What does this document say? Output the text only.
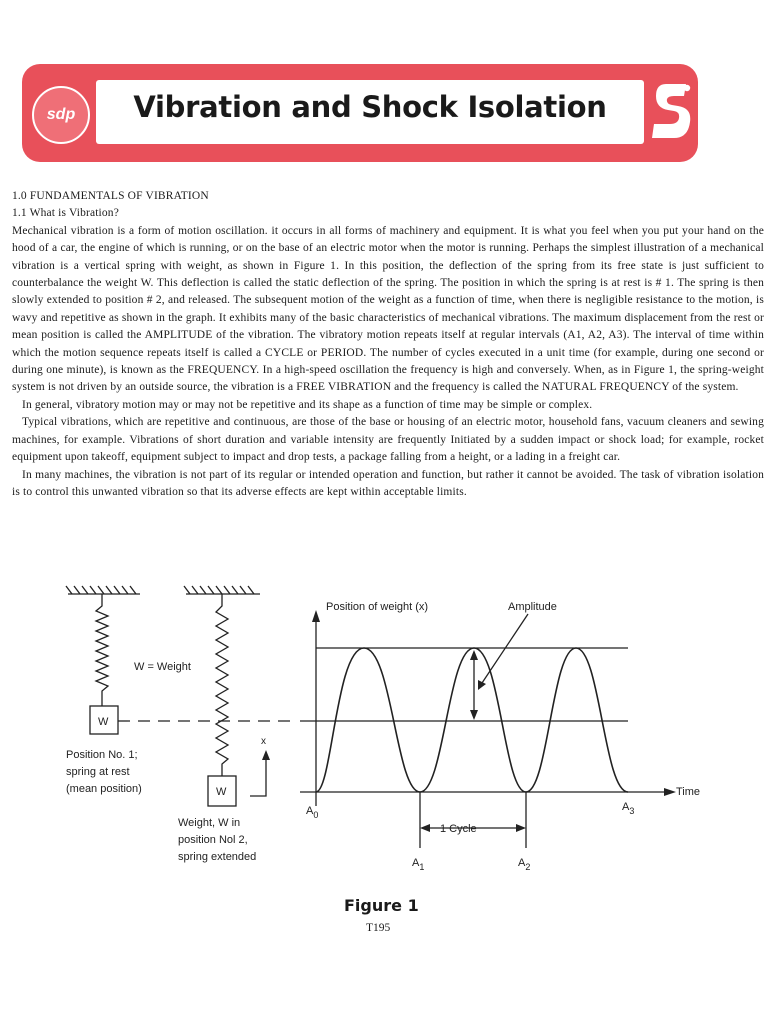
sdp	Vibration and Shock Isolation

1.0 FUNDAMENTALS OF VIBRATION

1.1 What is Vibration?

Mechanical vibration is a form of motion oscillation. it occurs in all forms of machinery and equipment. It is what you feel when you put your hand on the hood of a car, the engine of which is running, or on the base of an electric motor when the motor is running. Perhaps the simplest illustration of a mechanical vibration is a vertical spring with weight, as shown in Figure 1. In this position, the deflection of the spring from its free state is just sufficient to counterbalance the weight W. This deflection is called the static deflection of the spring. The position in which the spring is at rest is # 1. The spring is then slowly extended to position # 2, and released. The subsequent motion of the weight as a function of time, when there is negligible resistance to the motion, is wavy and repetitive as shown in the graph. It exhibits many of the basic characteristics of mechanical vibrations. The maximum displacement from the rest or mean position is called the AMPLITUDE of the vibration. The vibratory motion repeats itself at regular intervals (A1, A2, A3). The interval of time within which the motion sequence repeats itself is called a CYCLE or PERIOD. The number of cycles executed in a unit time (for example, during one second or during one minute), is known as the FREQUENCY. In a high-speed oscillation the frequency is high and conversely. When, as in Figure 1, the spring-weight system is not driven by an outside source, the vibration is a FREE VIBRATION and the frequency is called the NATURAL FREQUENCY of the system.

In general, vibratory motion may or may not be repetitive and its shape as a function of time may be simple or complex.

Typical vibrations, which are repetitive and continuous, are those of the base or housing of an electric motor, household fans, vacuum cleaners and sewing machines, for example. Vibrations of short duration and variable intensity are frequently Initiated by a sudden impact or shock load; for example, rocket equipment upon takeoff, equipment subject to impact and drop tests, a package falling from a height, or a lading in a freight car.

In many machines, the vibration is not part of its regular or intended operation and function, but rather it cannot be avoided. The task of vibration isolation is to control this unwanted vibration so that its adverse effects are kept within acceptable limits.

W = Weight
W
W
x
Position No. 1;
spring at rest
(mean position)
Weight, W in
position Nol 2,
spring extended
Position of weight (x)	Amplitude
Time
1 Cycle
$A_0$
$A_1$	$A_2$
$A_3$
Figure 1
T195
